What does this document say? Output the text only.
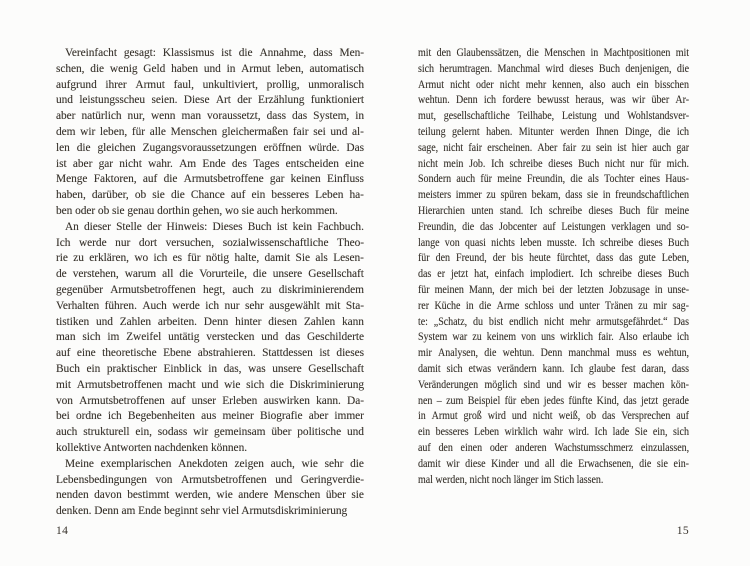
Vereinfacht gesagt: Klassismus ist die Annahme, dass Men-
schen, die wenig Geld haben und in Armut leben, automatisch
aufgrund ihrer Armut faul, unkultiviert, prollig, unmoralisch
und leistungsscheu seien. Diese Art der Erzählung funktioniert
aber natürlich nur, wenn man voraussetzt, dass das System, in
dem wir leben, für alle Menschen gleichermaßen fair sei und al-
len die gleichen Zugangsvoraussetzungen eröffnen würde. Das
ist aber gar nicht wahr. Am Ende des Tages entscheiden eine
Menge Faktoren, auf die Armutsbetroffene gar keinen Einfluss
haben, darüber, ob sie die Chance auf ein besseres Leben ha-
ben oder ob sie genau dorthin gehen, wo sie auch herkommen.
An dieser Stelle der Hinweis: Dieses Buch ist kein Fachbuch.
Ich werde nur dort versuchen, sozialwissenschaftliche Theo-
rie zu erklären, wo ich es für nötig halte, damit Sie als Lesen-
de verstehen, warum all die Vorurteile, die unsere Gesellschaft
gegenüber Armutsbetroffenen hegt, auch zu diskriminierendem
Verhalten führen. Auch werde ich nur sehr ausgewählt mit Sta-
tistiken und Zahlen arbeiten. Denn hinter diesen Zahlen kann
man sich im Zweifel untätig verstecken und das Geschilderte
auf eine theoretische Ebene abstrahieren. Stattdessen ist dieses
Buch ein praktischer Einblick in das, was unsere Gesellschaft
mit Armutsbetroffenen macht und wie sich die Diskriminierung
von Armutsbetroffenen auf unser Erleben auswirken kann. Da-
bei ordne ich Begebenheiten aus meiner Biografie aber immer
auch strukturell ein, sodass wir gemeinsam über politische und
kollektive Antworten nachdenken können.
Meine exemplarischen Anekdoten zeigen auch, wie sehr die
Lebensbedingungen von Armutsbetroffenen und Geringverdie-
nenden davon bestimmt werden, wie andere Menschen über sie
denken. Denn am Ende beginnt sehr viel Armutsdiskriminierung
14
mit den Glaubenssätzen, die Menschen in Machtpositionen mit
sich herumtragen. Manchmal wird dieses Buch denjenigen, die
Armut nicht oder nicht mehr kennen, also auch ein bisschen
wehtun. Denn ich fordere bewusst heraus, was wir über Ar-
mut, gesellschaftliche Teilhabe, Leistung und Wohlstandsver-
teilung gelernt haben. Mitunter werden Ihnen Dinge, die ich
sage, nicht fair erscheinen. Aber fair zu sein ist hier auch gar
nicht mein Job. Ich schreibe dieses Buch nicht nur für mich.
Sondern auch für meine Freundin, die als Tochter eines Haus-
meisters immer zu spüren bekam, dass sie in freundschaftlichen
Hierarchien unten stand. Ich schreibe dieses Buch für meine
Freundin, die das Jobcenter auf Leistungen verklagen und so-
lange von quasi nichts leben musste. Ich schreibe dieses Buch
für den Freund, der bis heute fürchtet, dass das gute Leben,
das er jetzt hat, einfach implodiert. Ich schreibe dieses Buch
für meinen Mann, der mich bei der letzten Jobzusage in unse-
rer Küche in die Arme schloss und unter Tränen zu mir sag-
te: „Schatz, du bist endlich nicht mehr armutsgefährdet.“ Das
System war zu keinem von uns wirklich fair. Also erlaube ich
mir Analysen, die wehtun. Denn manchmal muss es wehtun,
damit sich etwas verändern kann. Ich glaube fest daran, dass
Veränderungen möglich sind und wir es besser machen kön-
nen – zum Beispiel für eben jedes fünfte Kind, das jetzt gerade
in Armut groß wird und nicht weiß, ob das Versprechen auf
ein besseres Leben wirklich wahr wird. Ich lade Sie ein, sich
auf den einen oder anderen Wachstumsschmerz einzulassen,
damit wir diese Kinder und all die Erwachsenen, die sie ein-
mal werden, nicht noch länger im Stich lassen.
15
